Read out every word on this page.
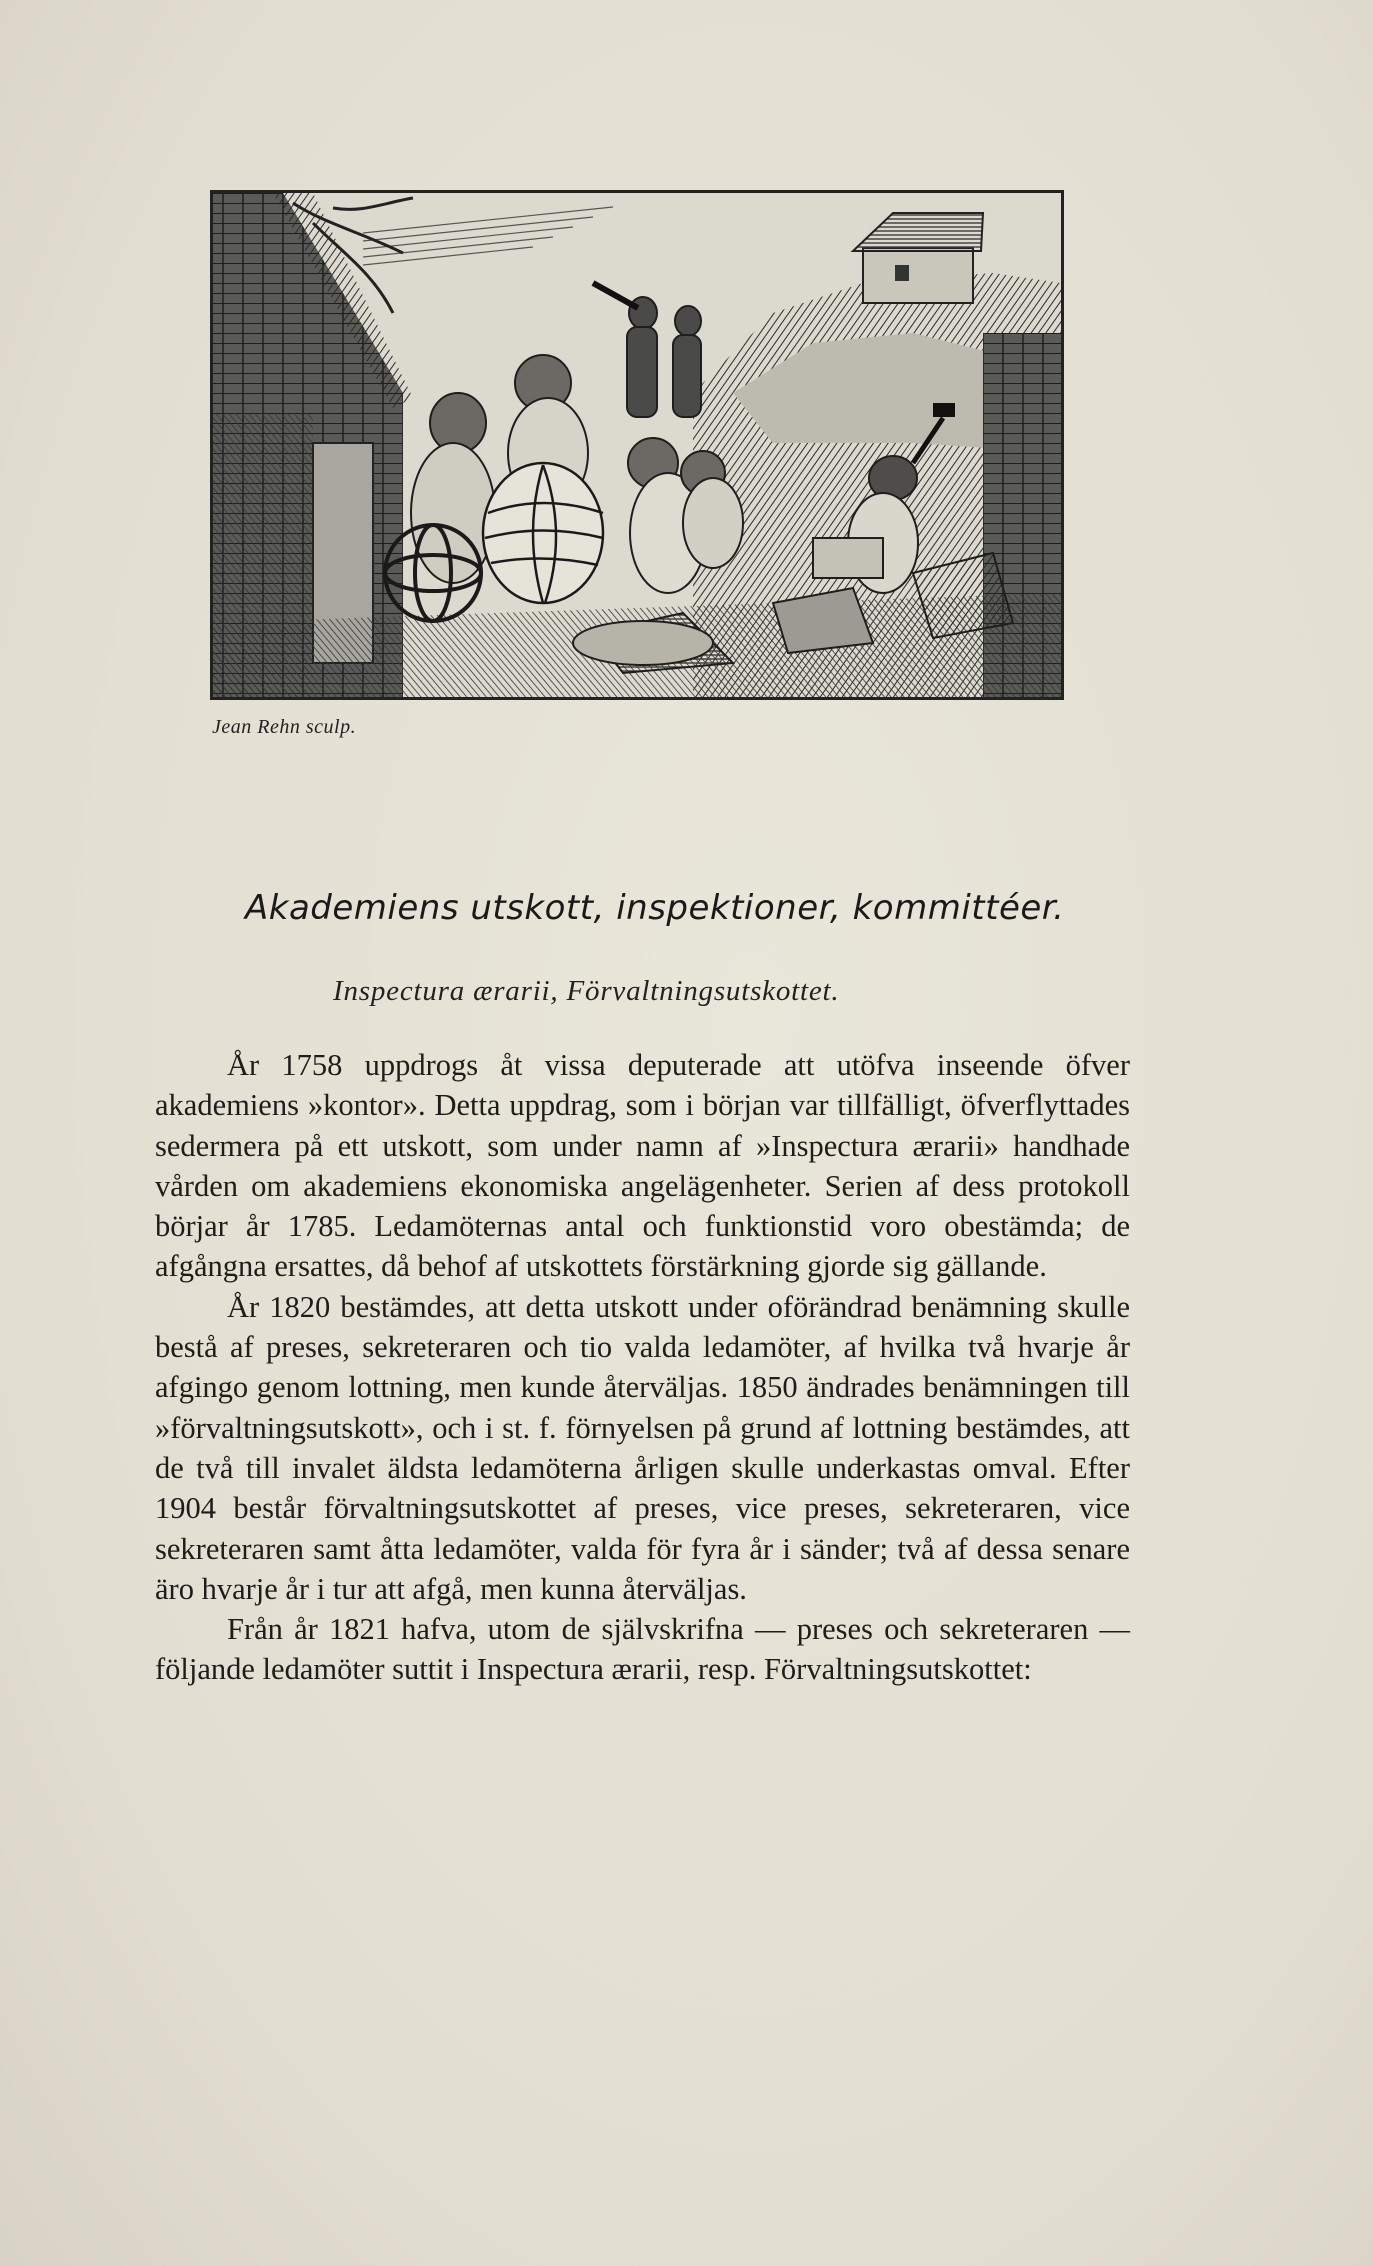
Jean Rehn sculp.
Akademiens utskott, inspektioner, kommittéer.
Inspectura ærarii, Förvaltningsutskottet.

År 1758 uppdrogs åt vissa deputerade att utöfva inseende öfver akademiens »kontor». Detta uppdrag, som i början var tillfälligt, öfverflyttades sedermera på ett utskott, som under namn af »Inspectura ærarii» handhade vården om akademiens ekonomiska angelägenheter. Serien af dess protokoll börjar år 1785. Ledamöternas antal och funktionstid voro obestämda; de afgångna ersattes, då behof af utskottets förstärkning gjorde sig gällande.

År 1820 bestämdes, att detta utskott under oförändrad benämning skulle bestå af preses, sekreteraren och tio valda ledamöter, af hvilka två hvarje år afgingo genom lottning, men kunde återväljas. 1850 ändrades benämningen till »förvaltningsutskott», och i st. f. förnyelsen på grund af lottning bestämdes, att de två till invalet äldsta ledamöterna årligen skulle underkastas omval. Efter 1904 består förvaltningsutskottet af preses, vice preses, sekreteraren, vice sekreteraren samt åtta ledamöter, valda för fyra år i sänder; två af dessa senare äro hvarje år i tur att afgå, men kunna återväljas.

Från år 1821 hafva, utom de självskrifna — preses och sekreteraren — följande ledamöter suttit i Inspectura ærarii, resp. Förvaltningsutskottet:
